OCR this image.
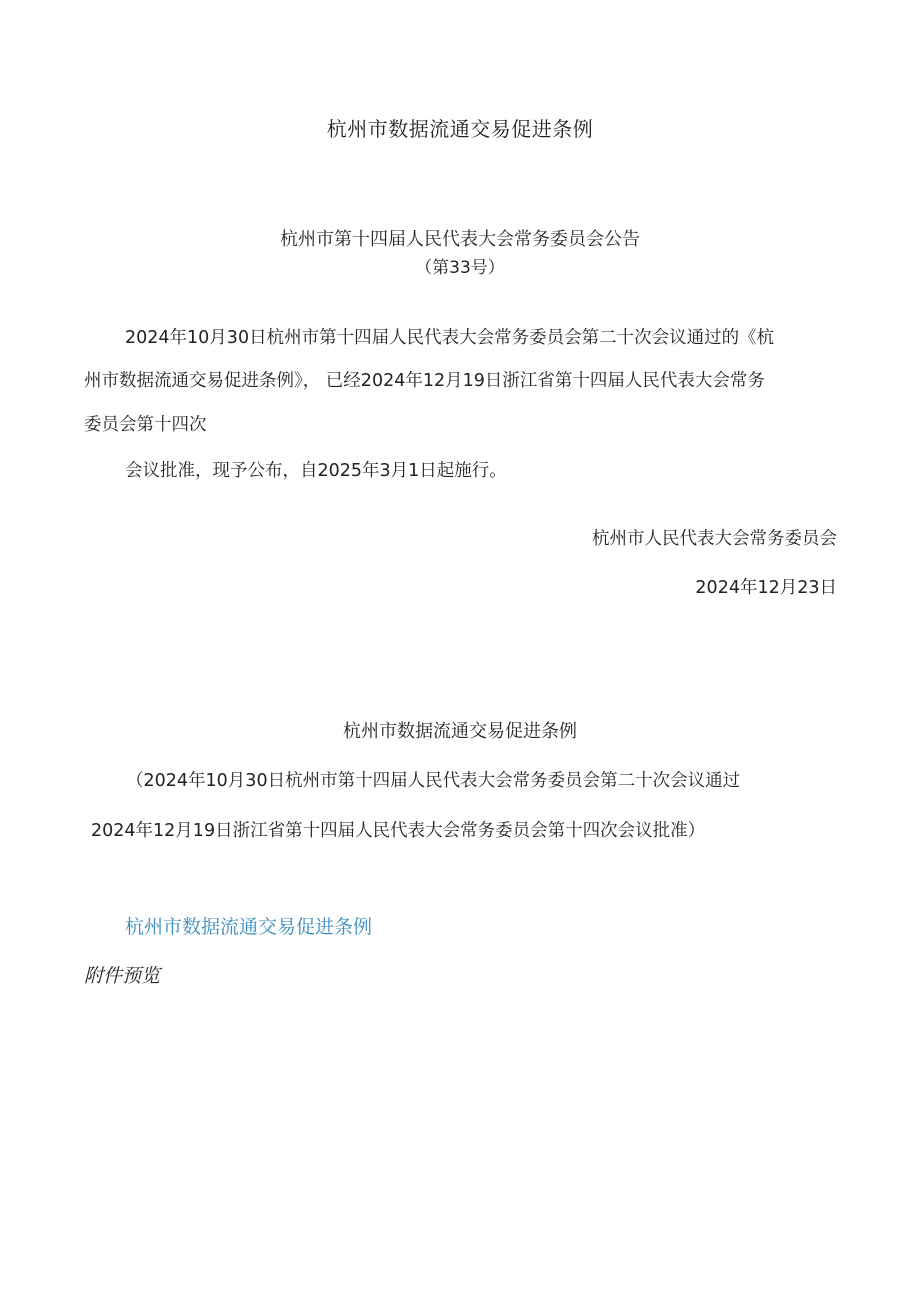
杭州市数据流通交易促进条例
杭州市第十四届人民代表大会常务委员会公告
（第33号）
2024年10月30日杭州市第十四届人民代表大会常务委员会第二十次会议通过的《杭
州市数据流通交易促进条例》， 已经2024年12月19日浙江省第十四届人民代表大会常务
委员会第十四次
会议批准，现予公布，自2025年3月1日起施行。
杭州市人民代表大会常务委员会
2024年12月23日
杭州市数据流通交易促进条例
（2024年10月30日杭州市第十四届人民代表大会常务委员会第二十次会议通过
2024年12月19日浙江省第十四届人民代表大会常务委员会第十四次会议批准）
杭州市数据流通交易促进条例
附件预览
